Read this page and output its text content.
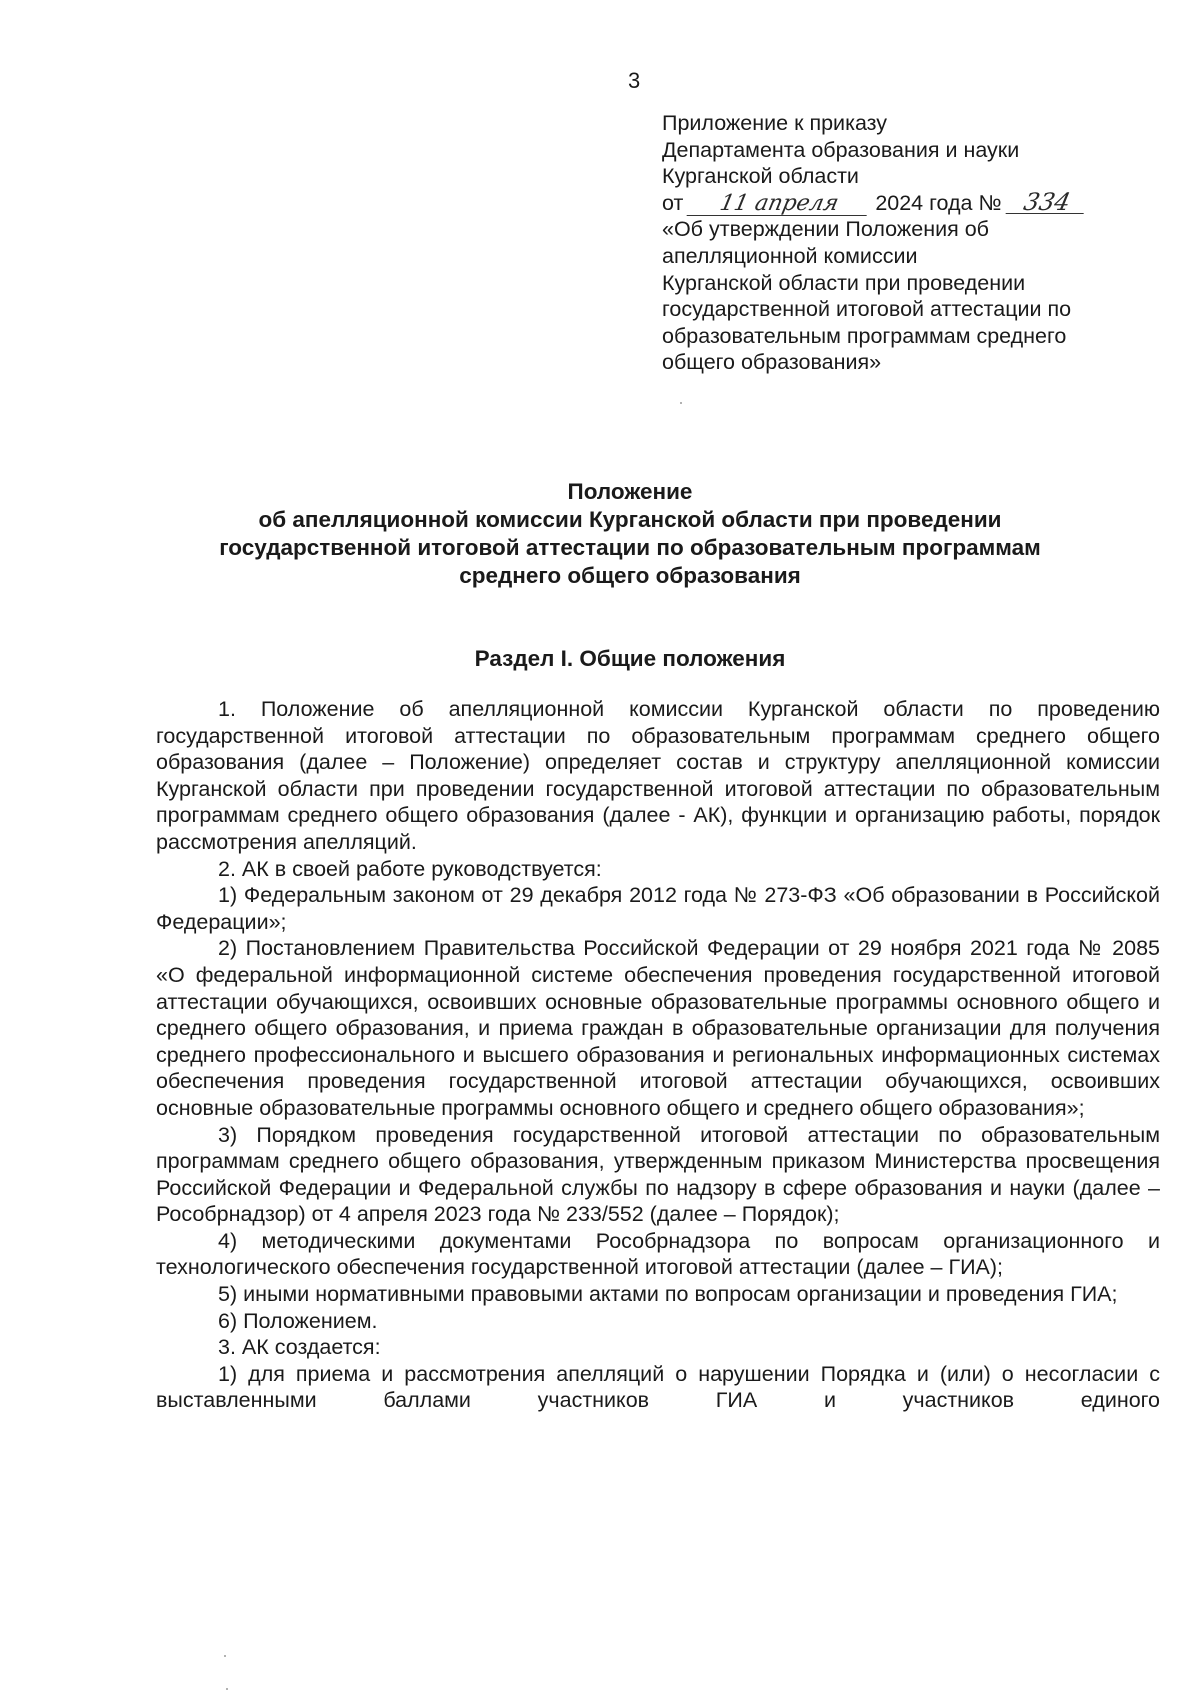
3
Приложение к приказу
Департамента образования и науки
Курганской области
от 11 апреля 2024 года № 334
«Об утверждении Положения об
апелляционной комиссии
Курганской области при проведении
государственной итоговой аттестации по
образовательным программам среднего
общего образования»
Положение
об апелляционной комиссии Курганской области при проведении
государственной итоговой аттестации по образовательным программам
среднего общего образования
Раздел I. Общие положения

1. Положение об апелляционной комиссии Курганской области по проведению государственной итоговой аттестации по образовательным программам среднего общего образования (далее – Положение) определяет состав и структуру апелляционной комиссии Курганской области при проведении государственной итоговой аттестации по образовательным программам среднего общего образования (далее - АК), функции и организацию работы, порядок рассмотрения апелляций.

2. АК в своей работе руководствуется:

1) Федеральным законом от 29 декабря 2012 года № 273-ФЗ «Об образовании в Российской Федерации»;

2) Постановлением Правительства Российской Федерации от 29 ноября 2021 года № 2085 «О федеральной информационной системе обеспечения проведения государственной итоговой аттестации обучающихся, освоивших основные образовательные программы основного общего и среднего общего образования, и приема граждан в образовательные организации для получения среднего профессионального и высшего образования и региональных информационных системах обеспечения проведения государственной итоговой аттестации обучающихся, освоивших основные образовательные программы основного общего и среднего общего образования»;

3) Порядком проведения государственной итоговой аттестации по образовательным программам среднего общего образования, утвержденным приказом Министерства просвещения Российской Федерации и Федеральной службы по надзору в сфере образования и науки (далее – Рособрнадзор) от 4 апреля 2023 года № 233/552 (далее – Порядок);

4) методическими документами Рособрнадзора по вопросам организационного и технологического обеспечения государственной итоговой аттестации (далее – ГИА);

5) иными нормативными правовыми актами по вопросам организации и проведения ГИА;

6) Положением.

3. АК создается:

1) для приема и рассмотрения апелляций о нарушении Порядка и (или) о несогласии с выставленными баллами участников ГИА и участников единого
